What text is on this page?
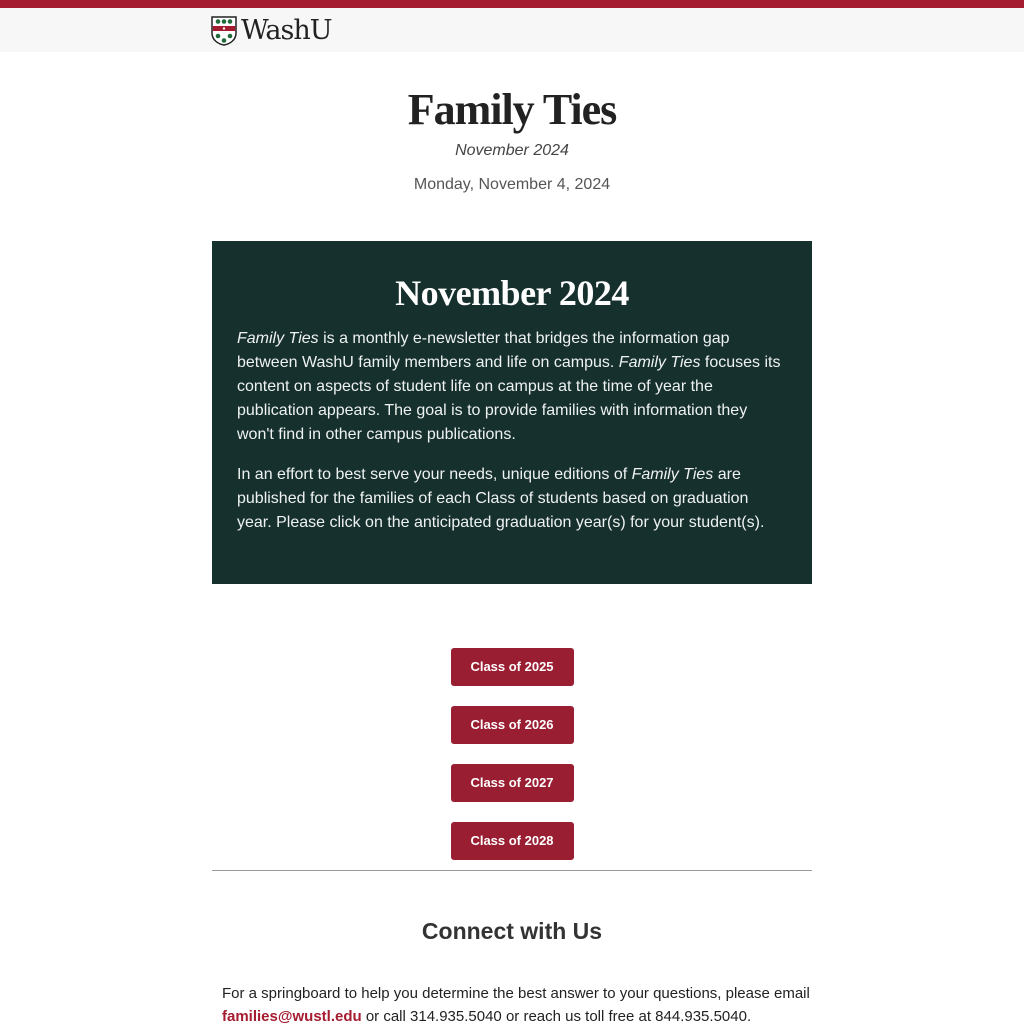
WashU
Family Ties
November 2024
Monday, November 4, 2024
November 2024

Family Ties is a monthly e-newsletter that bridges the information gap between WashU family members and life on campus. Family Ties focuses its content on aspects of student life on campus at the time of year the publication appears. The goal is to provide families with information they won't find in other campus publications.

In an effort to best serve your needs, unique editions of Family Ties are published for the families of each Class of students based on graduation year. Please click on the anticipated graduation year(s) for your student(s).

Class of 2025
Class of 2026
Class of 2027
Class of 2028
Connect with Us

For a springboard to help you determine the best answer to your questions, please email families@wustl.edu or call 314.935.5040 or reach us toll free at 844.935.5040.
